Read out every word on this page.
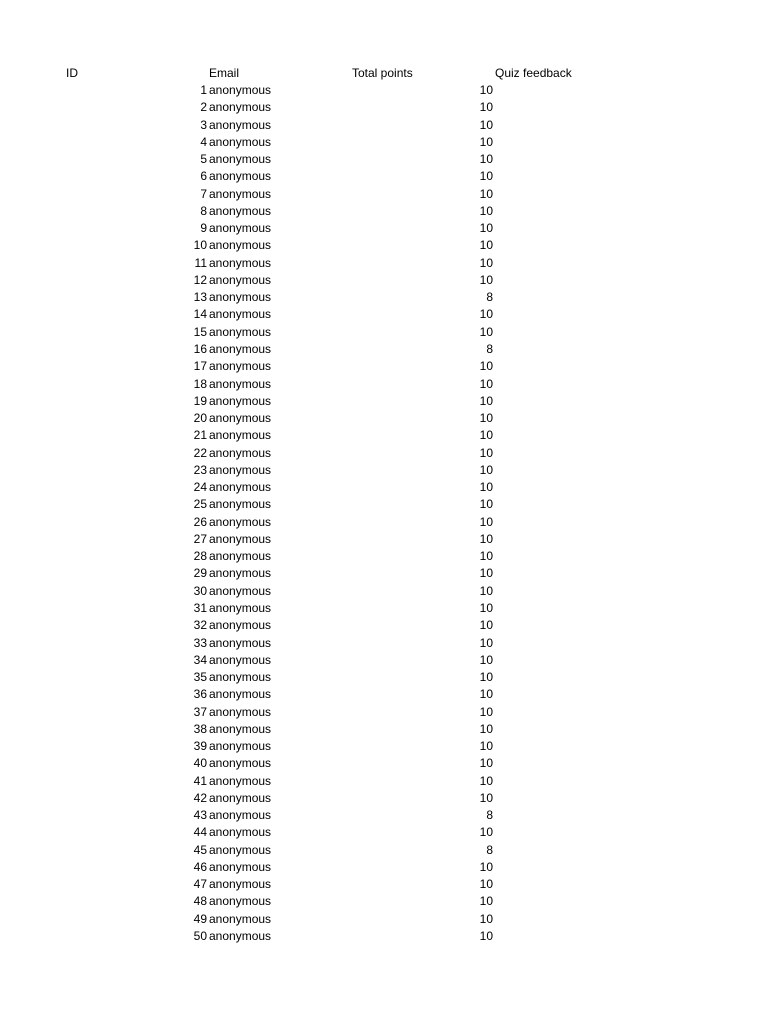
ID	Email	Total points	Quiz feedback
1 anonymous	10
2 anonymous	10
3 anonymous	10
4 anonymous	10
5 anonymous	10
6 anonymous	10
7 anonymous	10
8 anonymous	10
9 anonymous	10
10 anonymous	10
11 anonymous	10
12 anonymous	10
13 anonymous	8
14 anonymous	10
15 anonymous	10
16 anonymous	8
17 anonymous	10
18 anonymous	10
19 anonymous	10
20 anonymous	10
21 anonymous	10
22 anonymous	10
23 anonymous	10
24 anonymous	10
25 anonymous	10
26 anonymous	10
27 anonymous	10
28 anonymous	10
29 anonymous	10
30 anonymous	10
31 anonymous	10
32 anonymous	10
33 anonymous	10
34 anonymous	10
35 anonymous	10
36 anonymous	10
37 anonymous	10
38 anonymous	10
39 anonymous	10
40 anonymous	10
41 anonymous	10
42 anonymous	10
43 anonymous	8
44 anonymous	10
45 anonymous	8
46 anonymous	10
47 anonymous	10
48 anonymous	10
49 anonymous	10
50 anonymous	10
